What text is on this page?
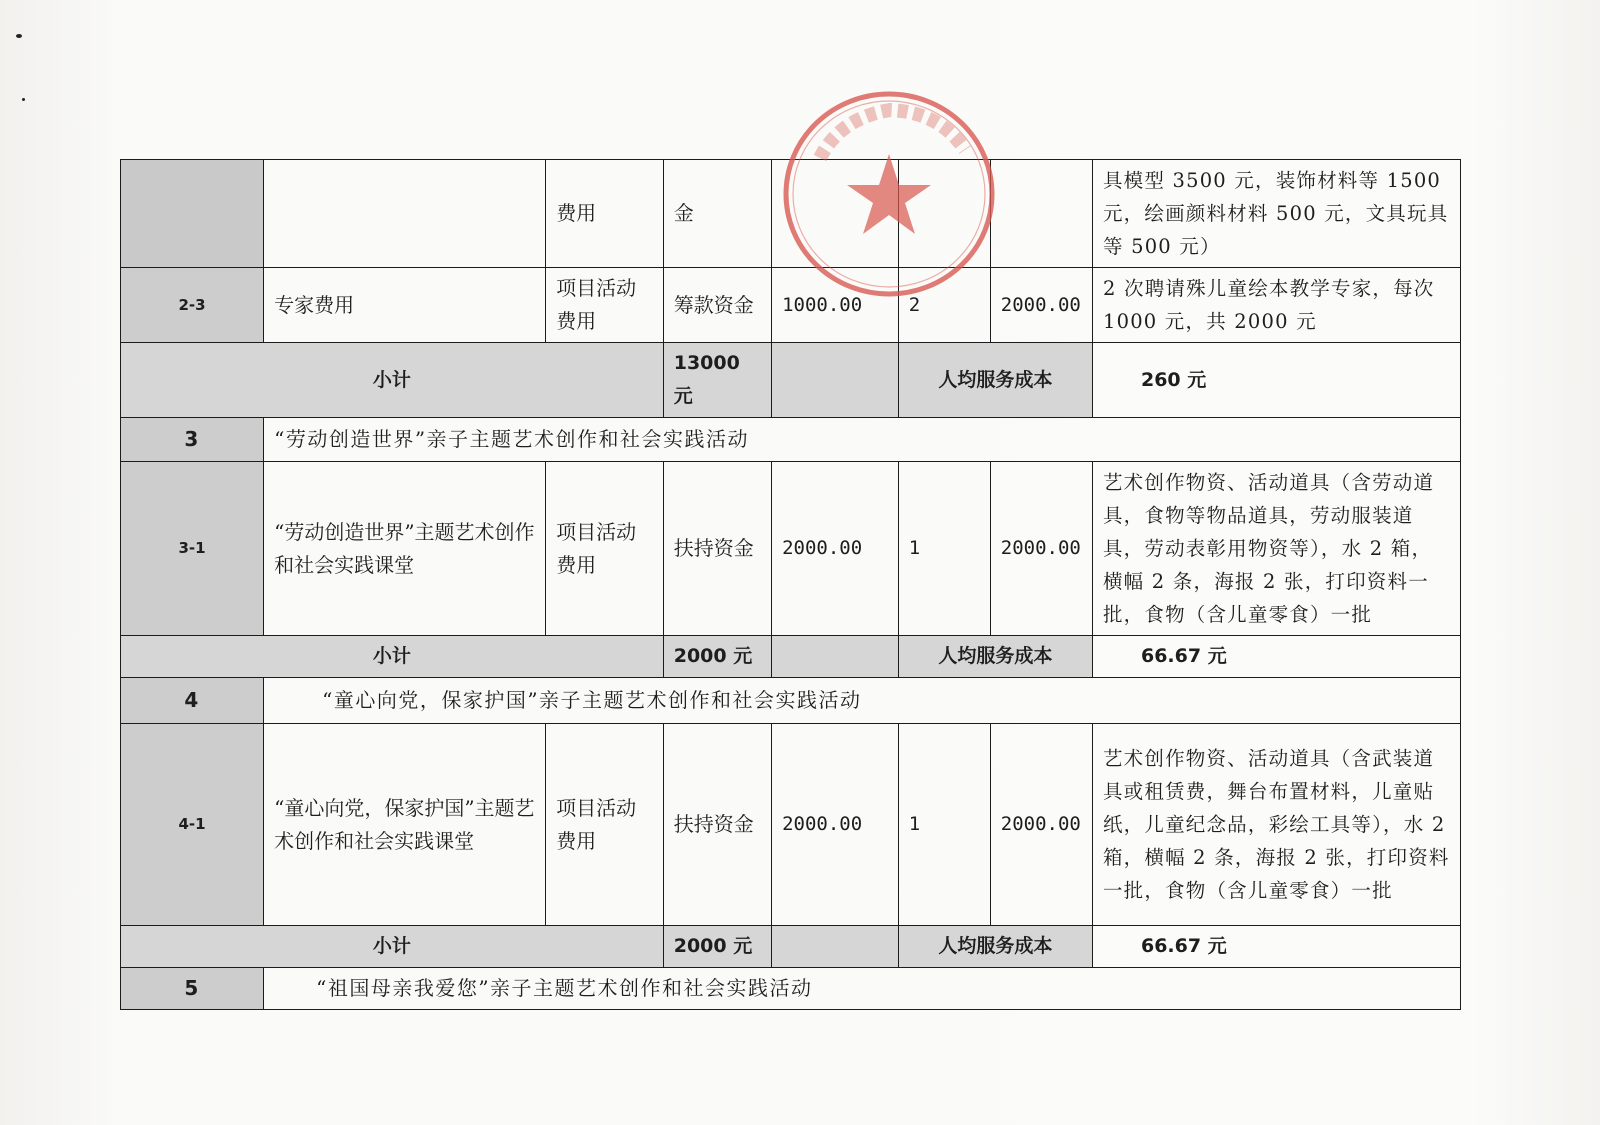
		费用	金				具模型 3500 元，装饰材料等 1500 元，绘画颜料材料 500 元，文具玩具等 500 元）
2-3	专家费用	项目活动费用	筹款资金	1000.00	2	2000.00	2 次聘请殊儿童绘本教学专家，每次 1000 元，共 2000 元
小计			13000 元		人均服务成本		260 元
3	“劳动创造世界”亲子主题艺术创作和社会实践活动						
3-1	“劳动创造世界”主题艺术创作和社会实践课堂	项目活动费用	扶持资金	2000.00	1	2000.00	艺术创作物资、活动道具（含劳动道具，食物等物品道具，劳动服装道具，劳动表彰用物资等），水 2 箱，横幅 2 条，海报 2 张，打印资料一批，食物（含儿童零食）一批
小计			2000 元		人均服务成本		66.67 元
4	“童心向党，保家护国”亲子主题艺术创作和社会实践活动						
4-1	“童心向党，保家护国”主题艺术创作和社会实践课堂	项目活动费用	扶持资金	2000.00	1	2000.00	艺术创作物资、活动道具（含武装道具或租赁费，舞台布置材料，儿童贴纸，儿童纪念品，彩绘工具等），水 2 箱，横幅 2 条，海报 2 张，打印资料一批，食物（含儿童零食）一批
小计			2000 元		人均服务成本		66.67 元
5	“祖国母亲我爱您”亲子主题艺术创作和社会实践活动						
